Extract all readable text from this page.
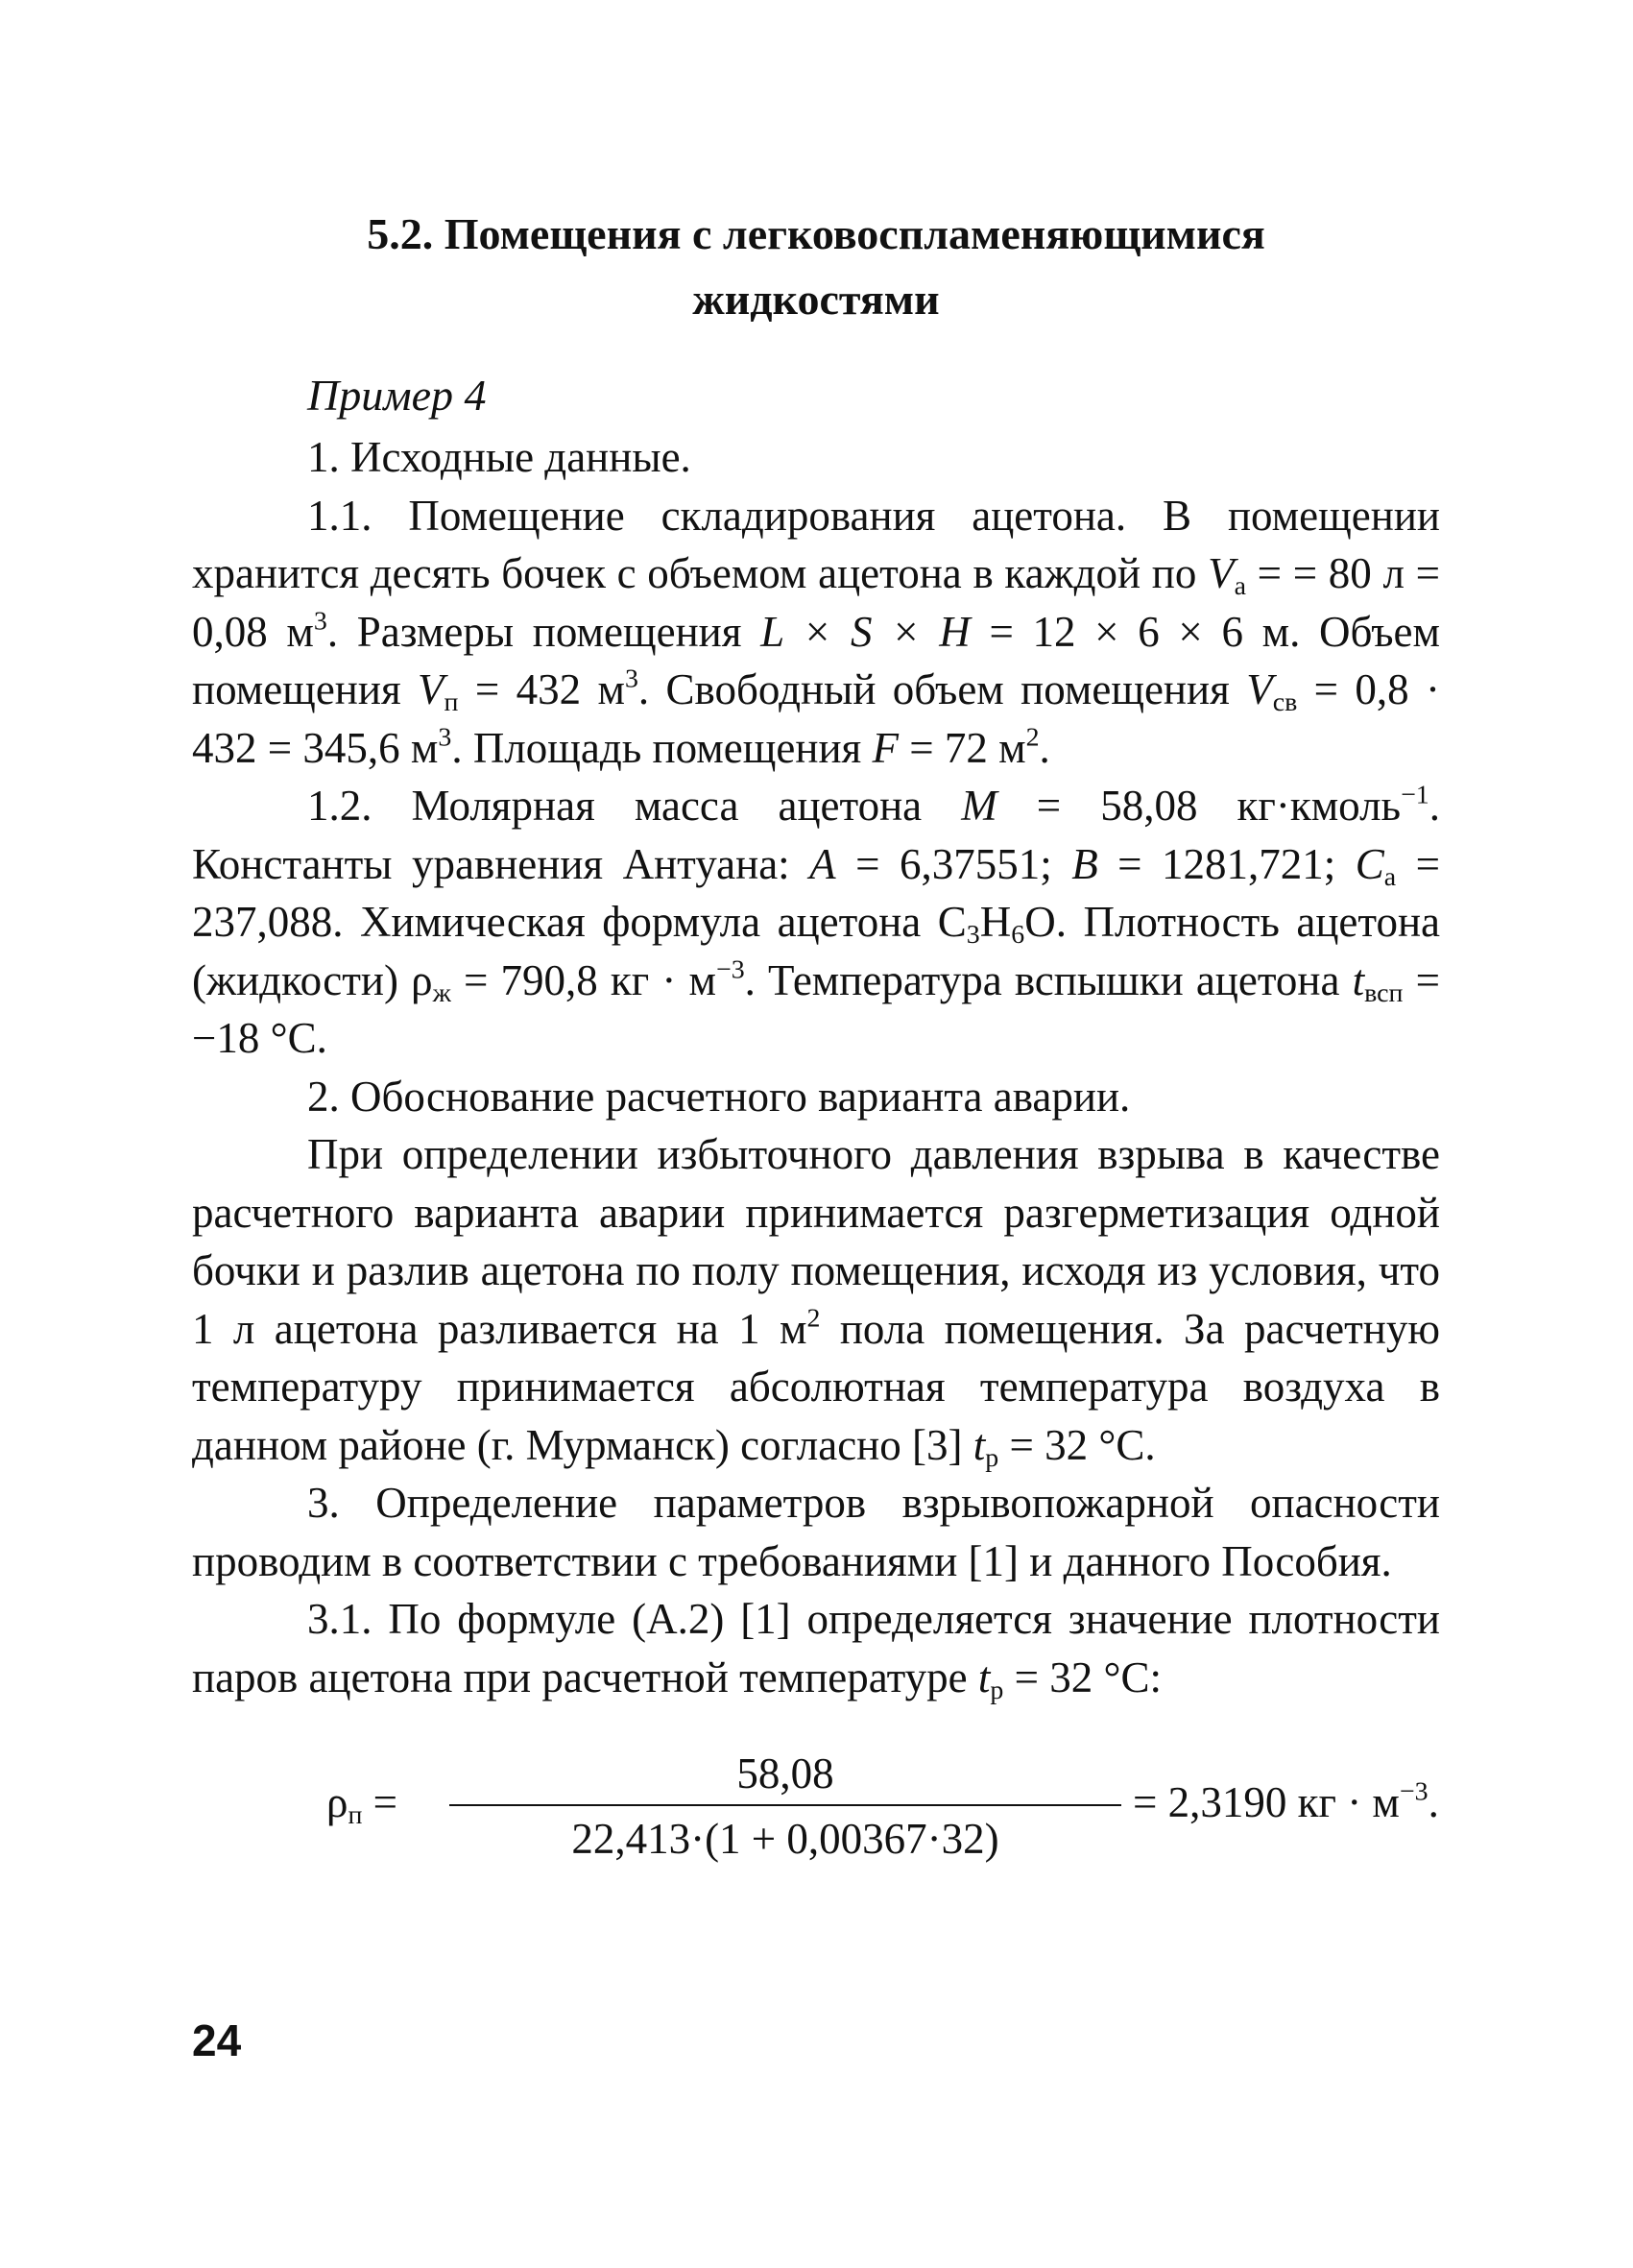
5.2. Помещения с легковоспламеняющимися
жидкостями
Пример 4

1. Исходные данные.

1.1. Помещение складирования ацетона. В помещении хранится десять бочек с объемом ацетона в каждой по $V_а$ = = 80 л = 0,08 $м^3$. Размеры помещения L × S × H = 12 × 6 × 6 м. Объем помещения $V_п = 432$ $м^3$. Свободный объем помещения $V_{св} = 0,8 \cdot 432 = 345,6$ $м^3$. Площадь помещения F = 72 $м^2$.

1.2. Молярная масса ацетона M = 58,08 кг·кмоль$^{-1}$. Константы уравнения Антуана: A = 6,37551; B = 1281,721; $C_a = 237,088$. Химическая формула ацетона $C_3H_6O$. Плотность ацетона (жидкости) $\rho_ж = 790,8$ кг · $м^{-3}$. Температура вспышки ацетона $t_{всп} = -18$ °С.

2. Обоснование расчетного варианта аварии.

При определении избыточного давления взрыва в качестве расчетного варианта аварии принимается разгерметизация одной бочки и разлив ацетона по полу помещения, исходя из условия, что 1 л ацетона разливается на 1 $м^2$ пола помещения. За расчетную температуру принимается абсолютная температура воздуха в данном районе (г. Мурманск) согласно [3] $t_р = 32$ °С.

3. Определение параметров взрывопожарной опасности проводим в соответствии с требованиями [1] и данного Пособия.

3.1. По формуле (А.2) [1] определяется значение плотности паров ацетона при расчетной температуре $t_р = 32$ °С:

$\rho_п$ =
58,08
22,413·(1 + 0,00367·32)
= 2,3190 кг · $м^{-3}$.
24
